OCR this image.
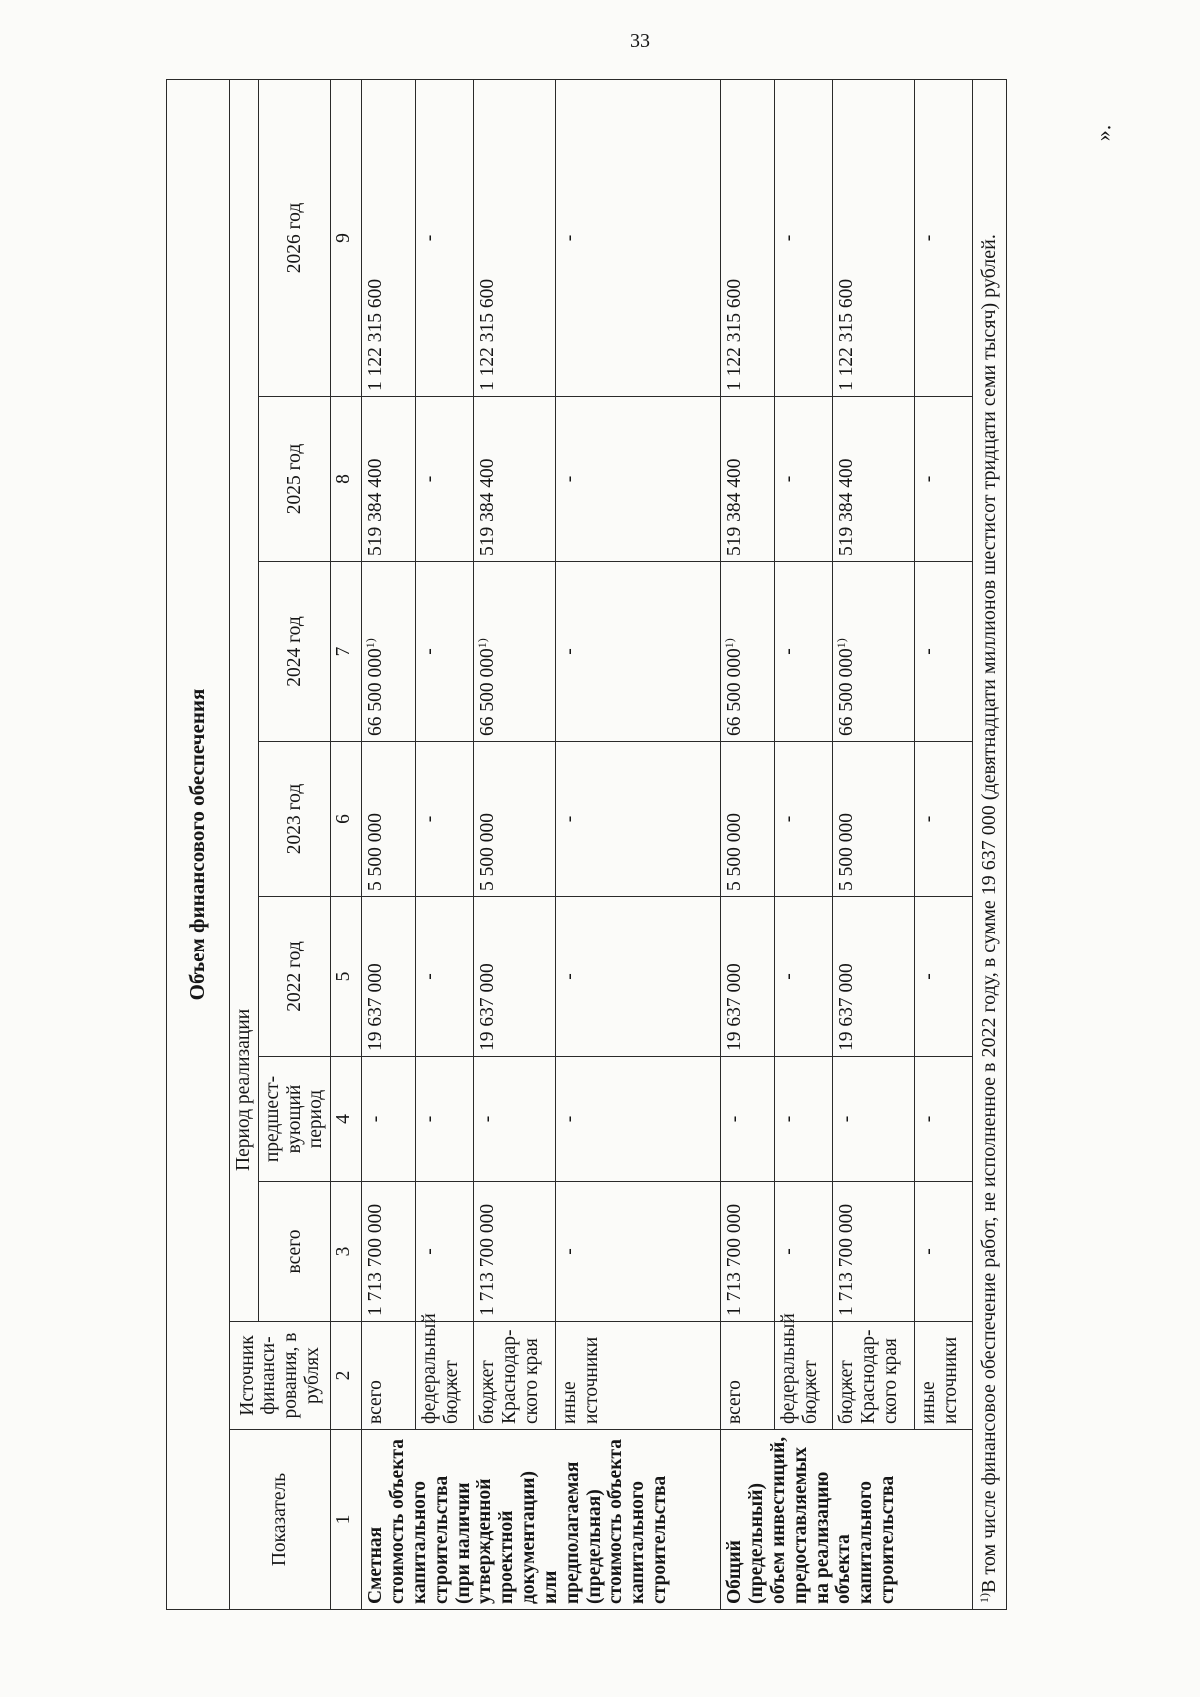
33
».
Объем финансового обеспечения								
Показатель	Источник финанси-рования, в рублях	Период реализации						
		всего	предшест-вующий период	2022 год	2023 год	2024 год	2025 год	2026 год
1	2	3	4	5	6	7	8	9
Сметная стоимость объекта капитального строительства (при наличии утвержденной проектной документации) или предполагаемая (предельная) стоимость объекта капитального строительства	всего	1 713 700 000	-	19 637 000	5 500 000	66 500 000$^{1)}$	519 384 400	1 122 315 600
	федеральный бюджет	-	-	-	-	-	-	-
	бюджет Краснодар-ского края	1 713 700 000	-	19 637 000	5 500 000	66 500 000$^{1)}$	519 384 400	1 122 315 600
	иные источники	-	-	-	-	-	-	-
Общий (предельный) объем инвестиций, предоставляемых на реализацию объекта капитального строительства	всего	1 713 700 000	-	19 637 000	5 500 000	66 500 000$^{1)}$	519 384 400	1 122 315 600
	федеральный бюджет	-	-	-	-	-	-	-
	бюджет Краснодар-ского края	1 713 700 000	-	19 637 000	5 500 000	66 500 000$^{1)}$	519 384 400	1 122 315 600
	иные источники	-	-	-	-	-	-	-
$^{1)}$В том числе финансовое обеспечение работ, не исполненное в 2022 году, в сумме 19 637 000 (девятнадцати миллионов шестисот тридцати семи тысяч) рублей.								
